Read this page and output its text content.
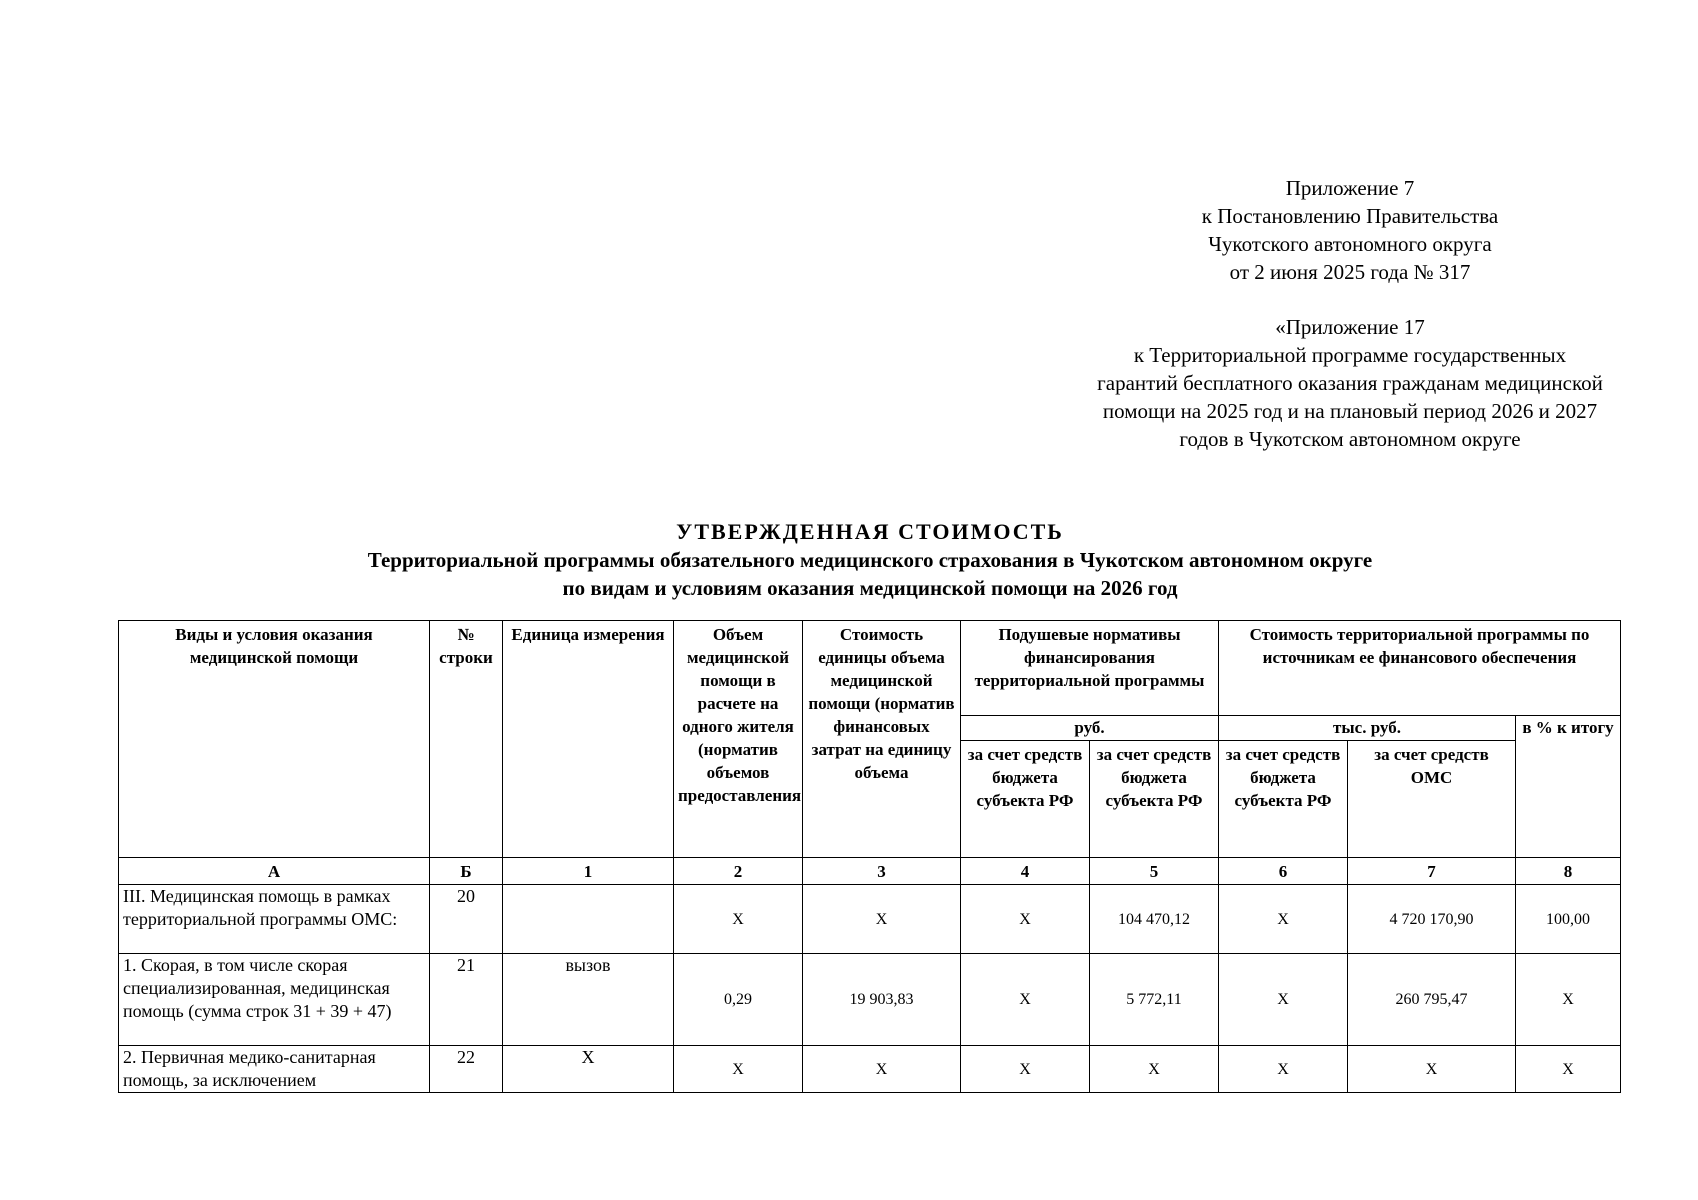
Приложение 7
к Постановлению Правительства
Чукотского автономного округа
от 2 июня 2025 года № 317
«Приложение 17
к Территориальной программе государственных
гарантий бесплатного оказания гражданам медицинской
помощи на 2025 год и на плановый период 2026 и 2027
годов в Чукотском автономном округе
УТВЕРЖДЕННАЯ СТОИМОСТЬ
Территориальной программы обязательного медицинского страхования в Чукотском автономном округе
по видам и условиям оказания медицинской помощи на 2026 год
Виды и условия оказания медицинской помощи	№ строки	Единица измерения	Объем медицинской помощи в расчете на одного жителя (норматив объемов предоставления	Стоимость единицы объема медицинской помощи (норматив финансовых затрат на единицу объема	Подушевые нормативы финансирования территориальной программы		Стоимость территориальной программы по источникам ее финансового обеспечения		
					руб.		тыс. руб.		в % к итогу
					за счет средств бюджета субъекта РФ	за счет средств бюджета субъекта РФ	за счет средств бюджета субъекта РФ	за счет средств ОМС	
А	Б	1	2	3	4	5	6	7	8
III. Медицинская помощь в рамках территориальной программы ОМС:	20		Х	Х	Х	104 470,12	Х	4 720 170,90	100,00
1. Скорая, в том числе скорая специализированная, медицинская помощь (сумма строк 31 + 39 + 47)	21	вызов	0,29	19 903,83	Х	5 772,11	Х	260 795,47	Х
2. Первичная медико-санитарная помощь, за исключением	22	Х	Х	Х	Х	Х	Х	Х	Х
